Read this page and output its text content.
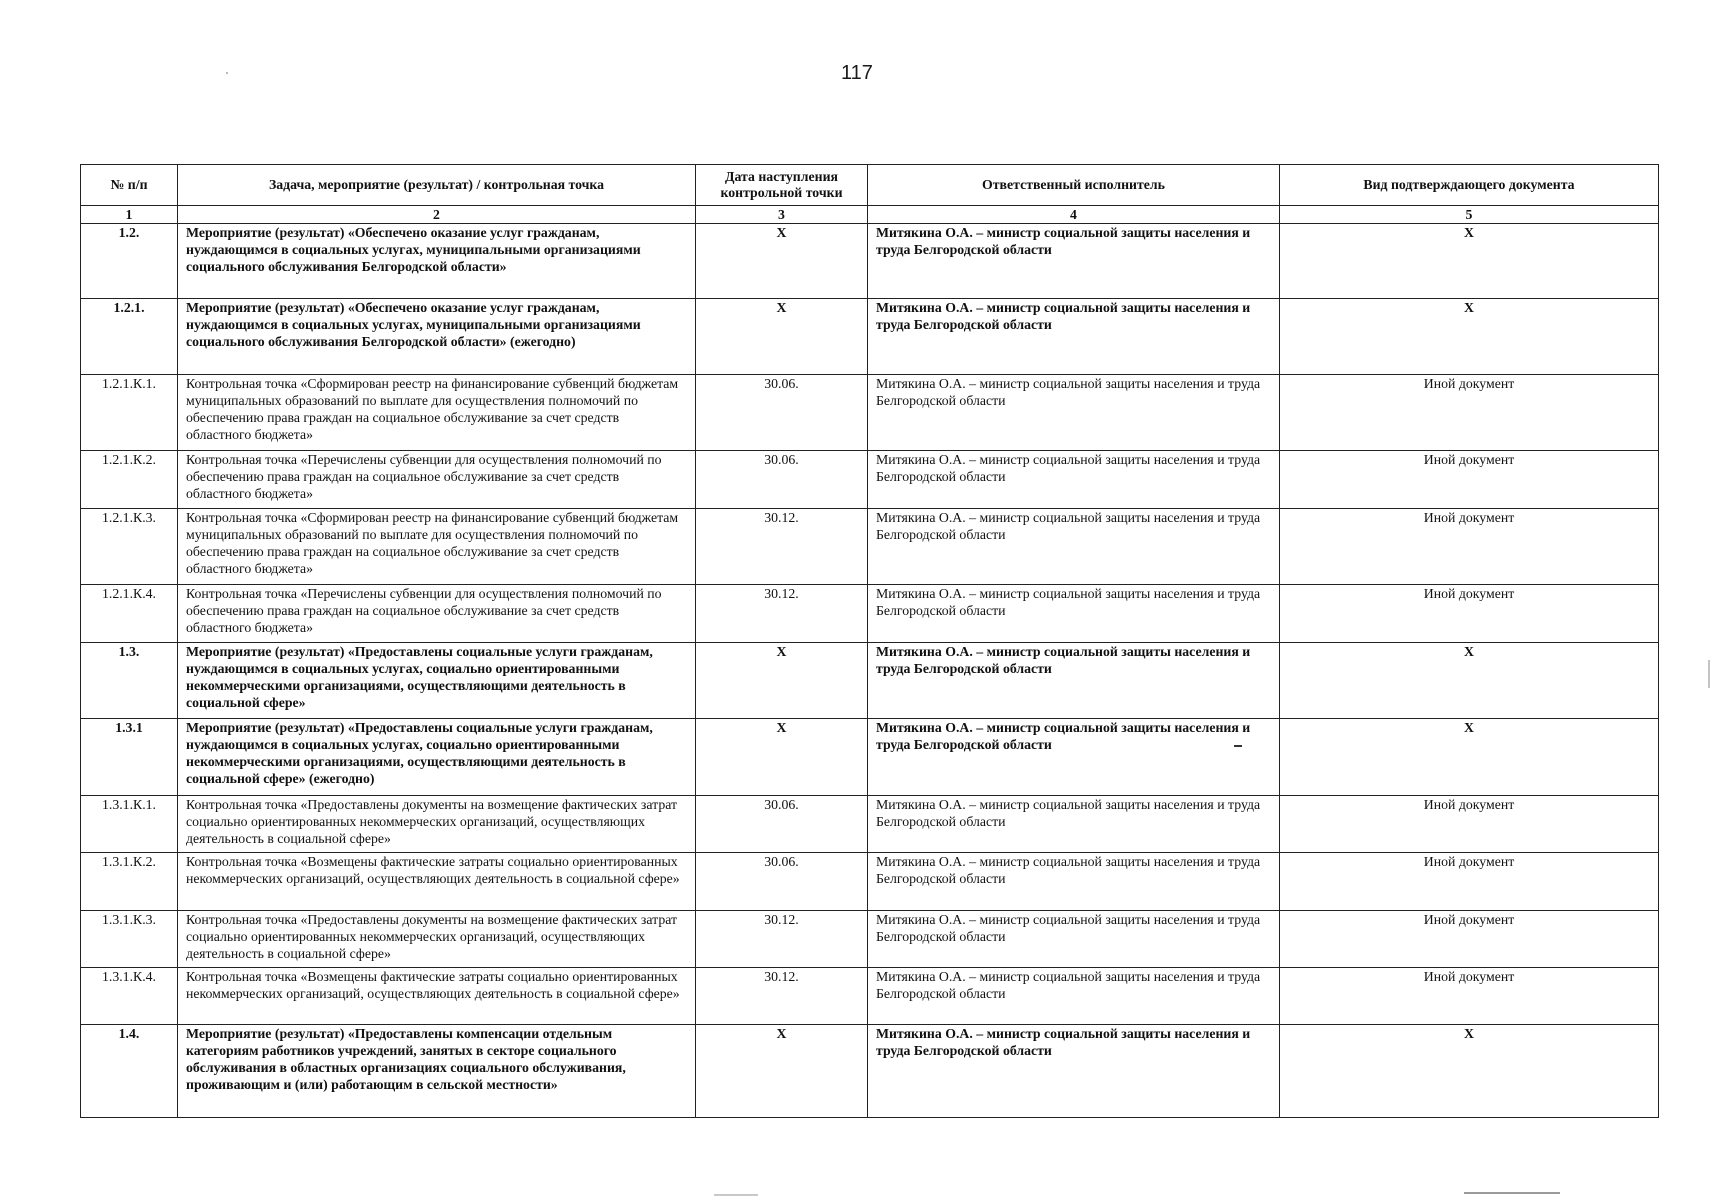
117
№ п/п	Задача, мероприятие (результат) / контрольная точка	Дата наступления контрольной точки	Ответственный исполнитель	Вид подтверждающего документа
1	2	3	4	5
1.2.	Мероприятие (результат) «Обеспечено оказание услуг гражданам, нуждающимся в социальных услугах, муниципальными организациями социального обслуживания Белгородской области»	Х	Митякина О.А. – министр социальной защиты населения и труда Белгородской области	Х
1.2.1.	Мероприятие (результат) «Обеспечено оказание услуг гражданам, нуждающимся в социальных услугах, муниципальными организациями социального обслуживания Белгородской области» (ежегодно)	Х	Митякина О.А. – министр социальной защиты населения и труда Белгородской области	Х
1.2.1.К.1.	Контрольная точка «Сформирован реестр на финансирование субвенций бюджетам муниципальных образований по выплате для осуществления полномочий по обеспечению права граждан на социальное обслуживание за счет средств областного бюджета»	30.06.	Митякина О.А. – министр социальной защиты населения и труда Белгородской области	Иной документ
1.2.1.К.2.	Контрольная точка «Перечислены субвенции для осуществления полномочий по обеспечению права граждан на социальное обслуживание за счет средств областного бюджета»	30.06.	Митякина О.А. – министр социальной защиты населения и труда Белгородской области	Иной документ
1.2.1.К.3.	Контрольная точка «Сформирован реестр на финансирование субвенций бюджетам муниципальных образований по выплате для осуществления полномочий по обеспечению права граждан на социальное обслуживание за счет средств областного бюджета»	30.12.	Митякина О.А. – министр социальной защиты населения и труда Белгородской области	Иной документ
1.2.1.К.4.	Контрольная точка «Перечислены субвенции для осуществления полномочий по обеспечению права граждан на социальное обслуживание за счет средств областного бюджета»	30.12.	Митякина О.А. – министр социальной защиты населения и труда Белгородской области	Иной документ
1.3.	Мероприятие (результат) «Предоставлены социальные услуги гражданам, нуждающимся в социальных услугах, социально ориентированными некоммерческими организациями, осуществляющими деятельность в социальной сфере»	Х	Митякина О.А. – министр социальной защиты населения и труда Белгородской области	Х
1.3.1	Мероприятие (результат) «Предоставлены социальные услуги гражданам, нуждающимся в социальных услугах, социально ориентированными некоммерческими организациями, осуществляющими деятельность в социальной сфере» (ежегодно)	Х	Митякина О.А. – министр социальной защиты населения и труда Белгородской области	Х
1.3.1.К.1.	Контрольная точка «Предоставлены документы на возмещение фактических затрат социально ориентированных некоммерческих организаций, осуществляющих деятельность в социальной сфере»	30.06.	Митякина О.А. – министр социальной защиты населения и труда Белгородской области	Иной документ
1.3.1.К.2.	Контрольная точка «Возмещены фактические затраты социально ориентированных некоммерческих организаций, осуществляющих деятельность в социальной сфере»	30.06.	Митякина О.А. – министр социальной защиты населения и труда Белгородской области	Иной документ
1.3.1.К.3.	Контрольная точка «Предоставлены документы на возмещение фактических затрат социально ориентированных некоммерческих организаций, осуществляющих деятельность в социальной сфере»	30.12.	Митякина О.А. – министр социальной защиты населения и труда Белгородской области	Иной документ
1.3.1.К.4.	Контрольная точка «Возмещены фактические затраты социально ориентированных некоммерческих организаций, осуществляющих деятельность в социальной сфере»	30.12.	Митякина О.А. – министр социальной защиты населения и труда Белгородской области	Иной документ
1.4.	Мероприятие (результат) «Предоставлены компенсации отдельным категориям работников учреждений, занятых в секторе социального обслуживания в областных организациях социального обслуживания, проживающим и (или) работающим в сельской местности»	Х	Митякина О.А. – министр социальной защиты населения и труда Белгородской области	Х
